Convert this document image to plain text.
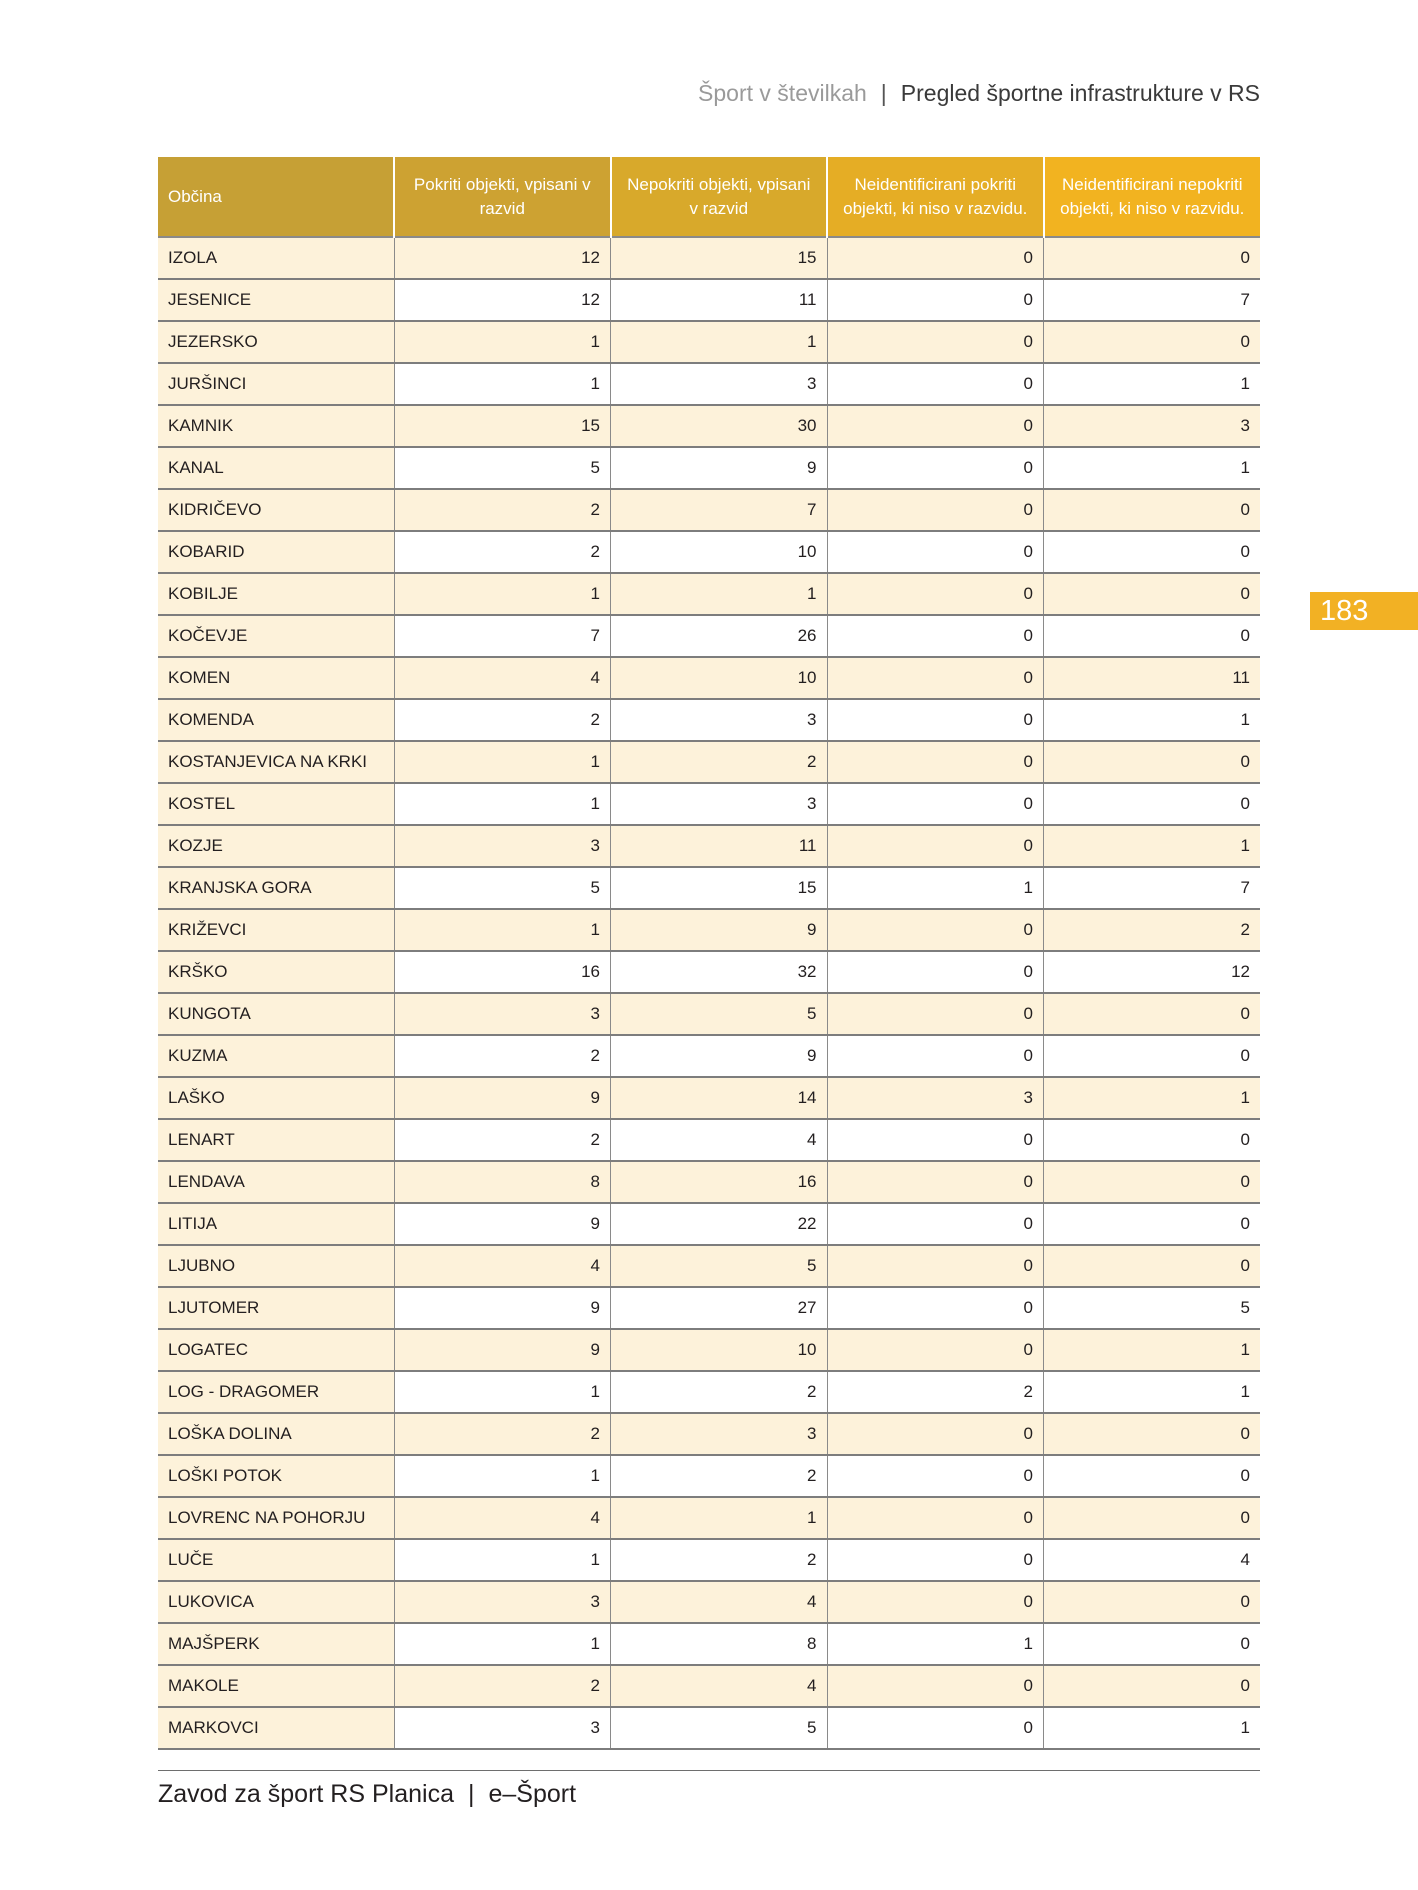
Šport v številkah | Pregled športne infrastrukture v RS
183
Občina	Pokriti objekti, vpisani v razvid	Nepokriti objekti, vpisani v razvid	Neidentificirani pokriti objekti, ki niso v razvidu.	Neidentificirani nepokriti objekti, ki niso v razvidu.
IZOLA	12	15	0	0
JESENICE	12	11	0	7
JEZERSKO	1	1	0	0
JURŠINCI	1	3	0	1
KAMNIK	15	30	0	3
KANAL	5	9	0	1
KIDRIČEVO	2	7	0	0
KOBARID	2	10	0	0
KOBILJE	1	1	0	0
KOČEVJE	7	26	0	0
KOMEN	4	10	0	11
KOMENDA	2	3	0	1
KOSTANJEVICA NA KRKI	1	2	0	0
KOSTEL	1	3	0	0
KOZJE	3	11	0	1
KRANJSKA GORA	5	15	1	7
KRIŽEVCI	1	9	0	2
KRŠKO	16	32	0	12
KUNGOTA	3	5	0	0
KUZMA	2	9	0	0
LAŠKO	9	14	3	1
LENART	2	4	0	0
LENDAVA	8	16	0	0
LITIJA	9	22	0	0
LJUBNO	4	5	0	0
LJUTOMER	9	27	0	5
LOGATEC	9	10	0	1
LOG - DRAGOMER	1	2	2	1
LOŠKA DOLINA	2	3	0	0
LOŠKI POTOK	1	2	0	0
LOVRENC NA POHORJU	4	1	0	0
LUČE	1	2	0	4
LUKOVICA	3	4	0	0
MAJŠPERK	1	8	1	0
MAKOLE	2	4	0	0
MARKOVCI	3	5	0	1
Zavod za šport RS Planica | e–Šport
